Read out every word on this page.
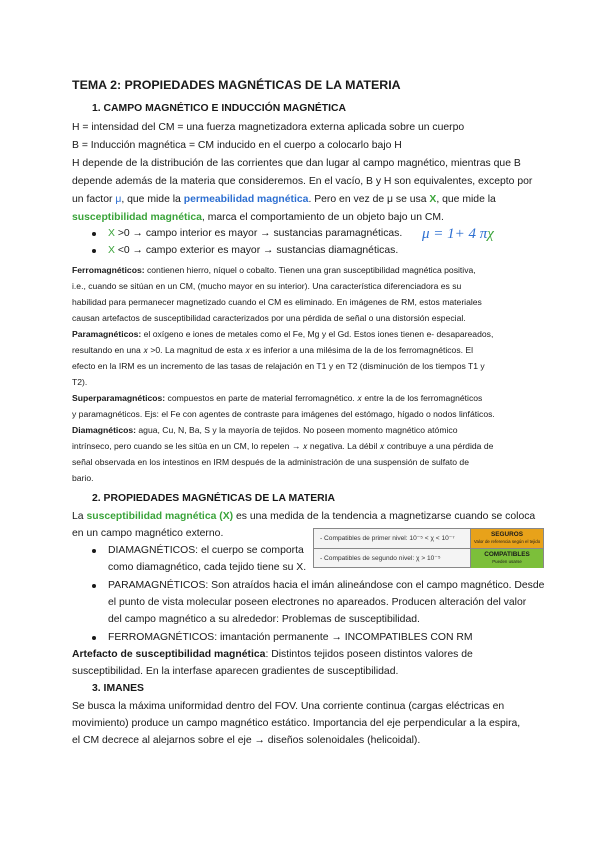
TEMA 2: PROPIEDADES MAGNÉTICAS DE LA MATERIA
1. CAMPO MAGNÉTICO E INDUCCIÓN MAGNÉTICA
H = intensidad del CM = una fuerza magnetizadora externa aplicada sobre un cuerpo
B = Inducción magnética = CM inducido en el cuerpo a colocarlo bajo H
H depende de la distribución de las corrientes que dan lugar al campo magnético, mientras que B
depende además de la materia que consideremos. En el vacío, B y H son equivalentes, excepto por
un factor μ, que mide la permeabilidad magnética. Pero en vez de μ se usa X, que mide la
susceptibilidad magnética, marca el comportamiento de un objeto bajo un CM.
X >0 → campo interior es mayor → sustancias paramagnéticas.
X <0 → campo exterior es mayor → sustancias diamagnéticas.
μ = 1+ 4 πχ
Ferromagnéticos: contienen hierro, níquel o cobalto. Tienen una gran susceptibilidad magnética positiva,
i.e., cuando se sitúan en un CM, (mucho mayor en su interior). Una característica diferenciadora es su
habilidad para permanecer magnetizado cuando el CM es eliminado. En imágenes de RM, estos materiales
causan artefactos de susceptibilidad caracterizados por una pérdida de señal o una distorsión especial.
Paramagnéticos: el oxígeno e iones de metales como el Fe, Mg y el Gd. Estos iones tienen e- desapareados,
resultando en una 𝑥 >0. La magnitud de esta 𝑥 es inferior a una milésima de la de los ferromagnéticos. El
efecto en la IRM es un incremento de las tasas de relajación en T1 y en T2 (disminución de los tiempos T1 y
T2).
Superparamagnéticos: compuestos en parte de material ferromagnético. 𝑥 entre la de los ferromagnéticos
y paramagnéticos. Ejs: el Fe con agentes de contraste para imágenes del estómago, hígado o nodos linfáticos.
Diamagnéticos: agua, Cu, N, Ba, S y la mayoría de tejidos. No poseen momento magnético atómico
intrínseco, pero cuando se les sitúa en un CM, lo repelen → 𝑥 negativa. La débil 𝑥 contribuye a una pérdida de
señal observada en los intestinos en IRM después de la administración de una suspensión de sulfato de
bario.
2. PROPIEDADES MAGNÉTICAS DE LA MATERIA
La susceptibilidad magnética (X) es una medida de la tendencia a magnetizarse cuando se coloca
en un campo magnético externo.	- Compatibles de primer nivel: 10⁻⁵ < χ < 10⁻⁷
SEGUROS
Valor de referencia según el tejido
- Compatibles de segundo nivel: χ > 10⁻⁵
COMPATIBLES
Pueden usarse
DIAMAGNÉTICOS: el cuerpo se comporta
como diamagnético, cada tejido tiene su X.
PARAMAGNÉTICOS: Son atraídos hacia el imán alineándose con el campo magnético. Desde
el punto de vista molecular poseen electrones no apareados. Producen alteración del valor
del campo magnético a su alrededor: Problemas de susceptibilidad.
FERROMAGNÉTICOS: imantación permanente → INCOMPATIBLES CON RM
Artefacto de susceptibilidad magnética: Distintos tejidos poseen distintos valores de
susceptibilidad. En la interfase aparecen gradientes de susceptibilidad.
3. IMANES
Se busca la máxima uniformidad dentro del FOV. Una corriente continua (cargas eléctricas en
movimiento) produce un campo magnético estático. Importancia del eje perpendicular a la espira,
el CM decrece al alejarnos sobre el eje → diseños solenoidales (helicoidal).
